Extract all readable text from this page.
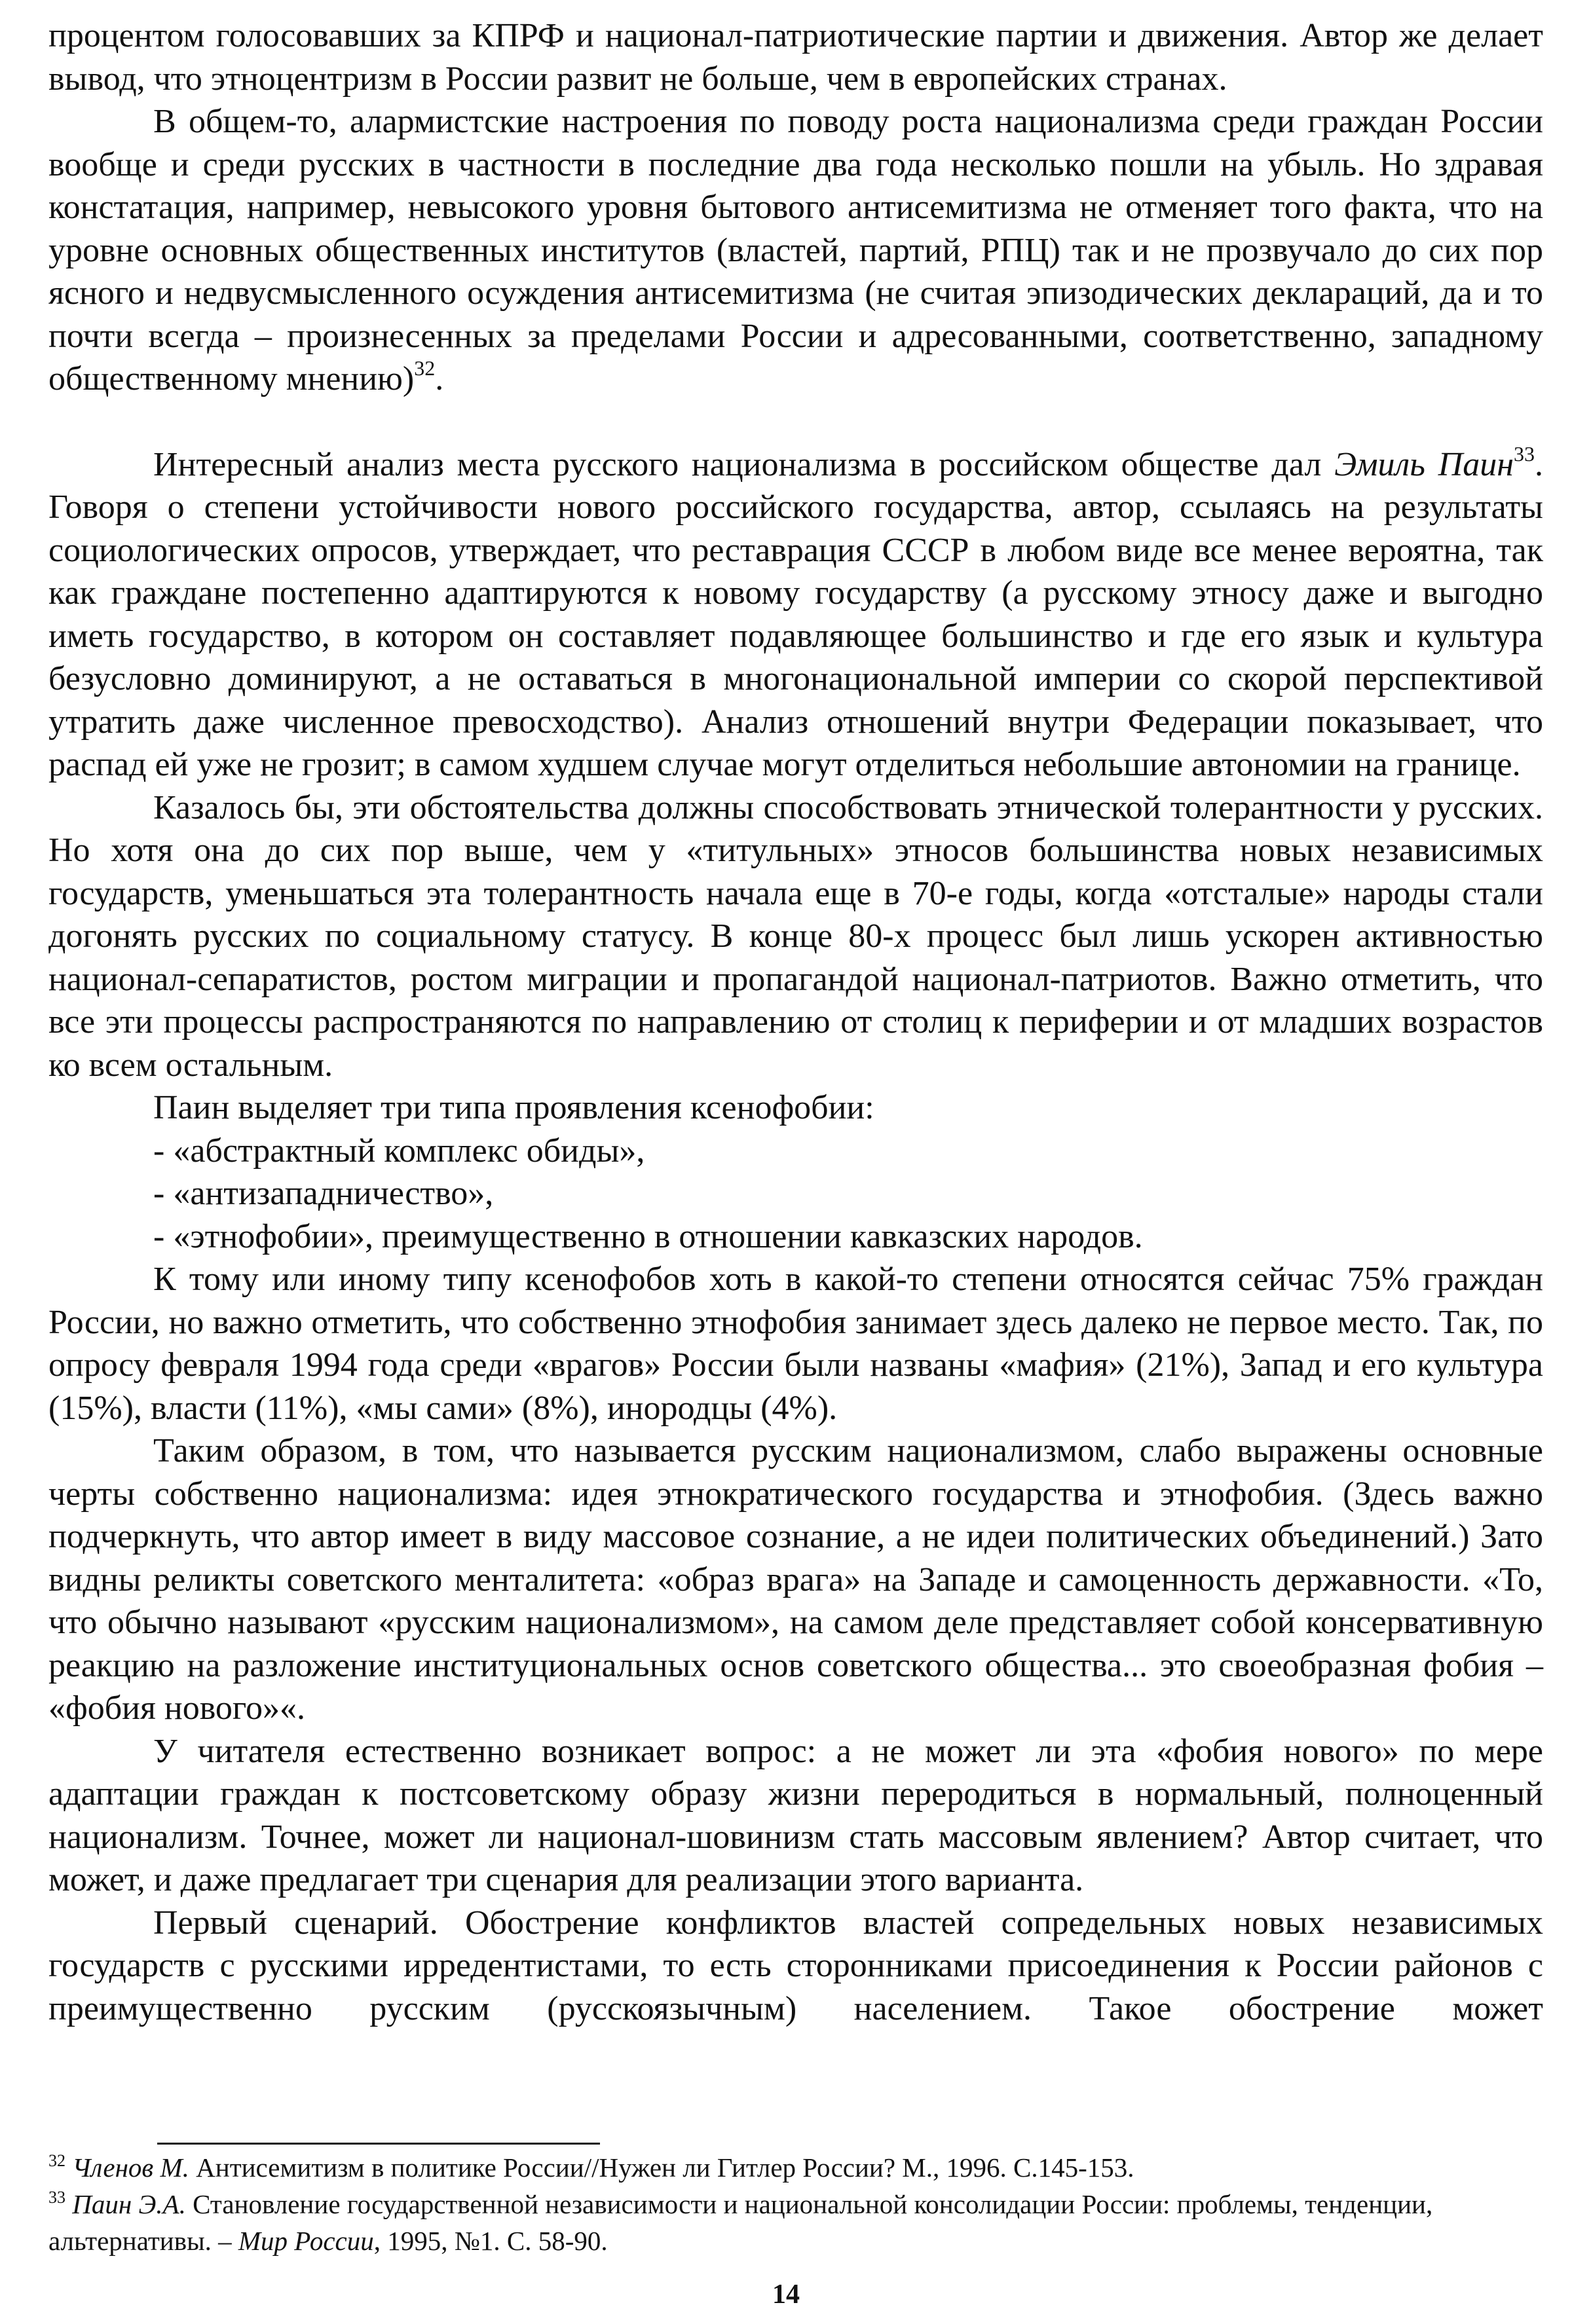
процентом голосовавших за КПРФ и национал-патриотические партии и движения. Автор же делает вывод, что этноцентризм в России развит не больше, чем в европейских странах.

В общем-то, алармистские настроения по поводу роста национализма среди граждан России вообще и среди русских в частности в последние два года несколько пошли на убыль. Но здравая констатация, например, невысокого уровня бытового антисемитизма не отменяет того факта, что на уровне основных общественных институтов (властей, партий, РПЦ) так и не прозвучало до сих пор ясного и недвусмысленного осуждения антисемитизма (не считая эпизодических деклараций, да и то почти всегда – произнесенных за пределами России и адресованными, соответственно, западному общественному мнению)$^{32}$.

Интересный анализ места русского национализма в российском обществе дал Эмиль Паин$^{33}$. Говоря о степени устойчивости нового российского государства, автор, ссылаясь на результаты социологических опросов, утверждает, что реставрация СССР в любом виде все менее вероятна, так как граждане постепенно адаптируются к новому государству (а русскому этносу даже и выгодно иметь государство, в котором он составляет подавляющее большинство и где его язык и культура безусловно доминируют, а не оставаться в многонациональной империи со скорой перспективой утратить даже численное превосходство). Анализ отношений внутри Федерации показывает, что распад ей уже не грозит; в самом худшем случае могут отделиться небольшие автономии на границе.

Казалось бы, эти обстоятельства должны способствовать этнической толерантности у русских. Но хотя она до сих пор выше, чем у «титульных» этносов большинства новых независимых государств, уменьшаться эта толерантность начала еще в 70-е годы, когда «отсталые» народы стали догонять русских по социальному статусу. В конце 80-х процесс был лишь ускорен активностью национал-сепаратистов, ростом миграции и пропагандой национал-патриотов. Важно отметить, что все эти процессы распространяются по направлению от столиц к периферии и от младших возрастов ко всем остальным.

Паин выделяет три типа проявления ксенофобии:

- «абстрактный комплекс обиды»,

- «антизападничество»,

- «этнофобии», преимущественно в отношении кавказских народов.

К тому или иному типу ксенофобов хоть в какой-то степени относятся сейчас 75% граждан России, но важно отметить, что собственно этнофобия занимает здесь далеко не первое место. Так, по опросу февраля 1994 года среди «врагов» России были названы «мафия» (21%), Запад и его культура (15%), власти (11%), «мы сами» (8%), инородцы (4%).

Таким образом, в том, что называется русским национализмом, слабо выражены основные черты собственно национализма: идея этнократического государства и этнофобия. (Здесь важно подчеркнуть, что автор имеет в виду массовое сознание, а не идеи политических объединений.) Зато видны реликты советского менталитета: «образ врага» на Западе и самоценность державности. «То, что обычно называют «русским национализмом», на самом деле представляет собой консервативную реакцию на разложение институциональных основ советского общества... это своеобразная фобия – «фобия нового»«.

У читателя естественно возникает вопрос: а не может ли эта «фобия нового» по мере адаптации граждан к постсоветскому образу жизни переродиться в нормальный, полноценный национализм. Точнее, может ли национал-шовинизм стать массовым явлением? Автор считает, что может, и даже предлагает три сценария для реализации этого варианта.

Первый сценарий. Обострение конфликтов властей сопредельных новых независимых государств с русскими ирредентистами, то есть сторонниками присоединения к России районов с преимущественно русским (русскоязычным) населением. Такое обострение может

$^{32}$ Членов М. Антисемитизм в политике России//Нужен ли Гитлер России? М., 1996. С.145-153.

$^{33}$ Паин Э.А. Становление государственной независимости и национальной консолидации России: проблемы, тенденции, альтернативы. – Мир России, 1995, №1. С. 58-90.

14
